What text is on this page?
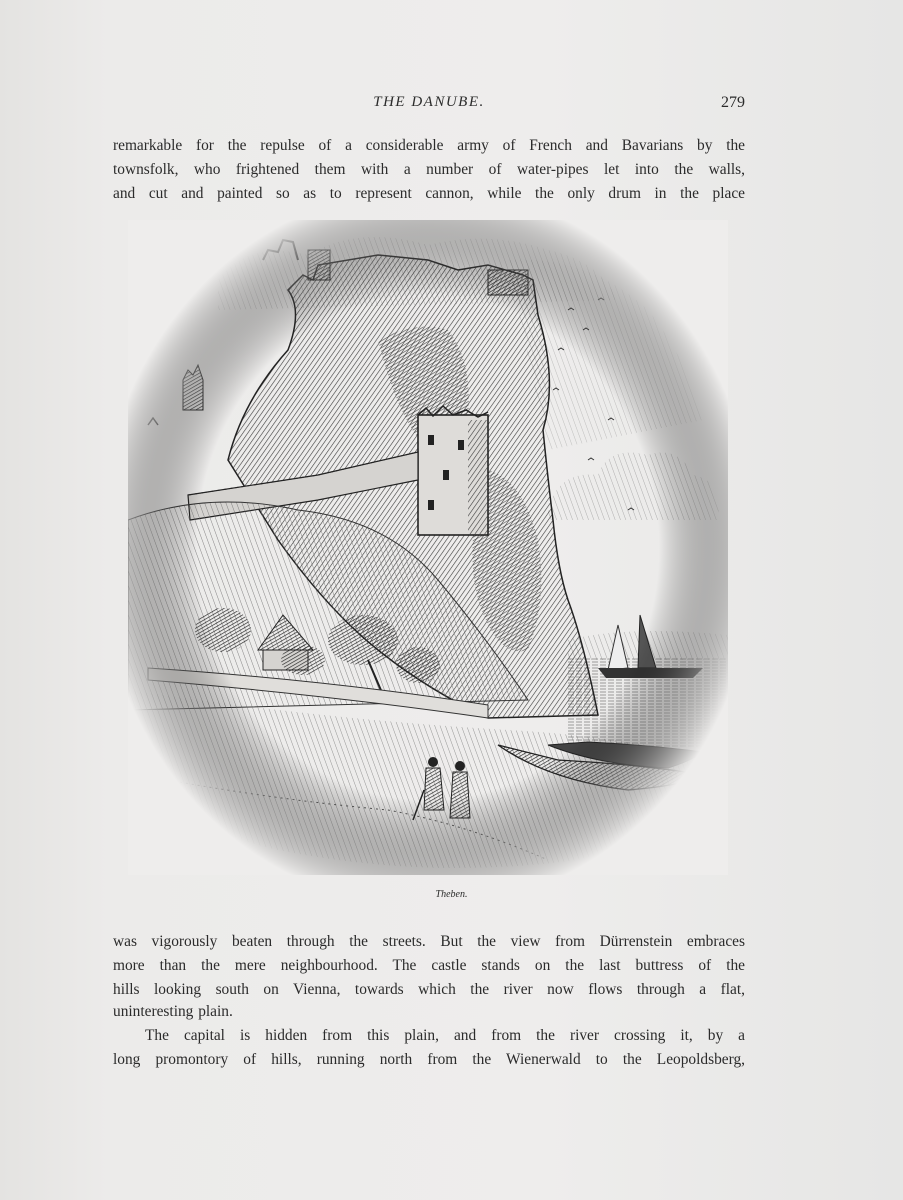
THE DANUBE.	279

remarkable for the repulse of a considerable army of French and Bavarians by the

townsfolk, who frightened them with a number of water-pipes let into the walls,

and cut and painted so as to represent cannon, while the only drum in the place

Theben.

was vigorously beaten through the streets. But the view from Dürrenstein embraces

more than the mere neighbourhood. The castle stands on the last buttress of the

hills looking south on Vienna, towards which the river now flows through a flat,

uninteresting plain.

The capital is hidden from this plain, and from the river crossing it, by a

long promontory of hills, running north from the Wienerwald to the Leopoldsberg,
